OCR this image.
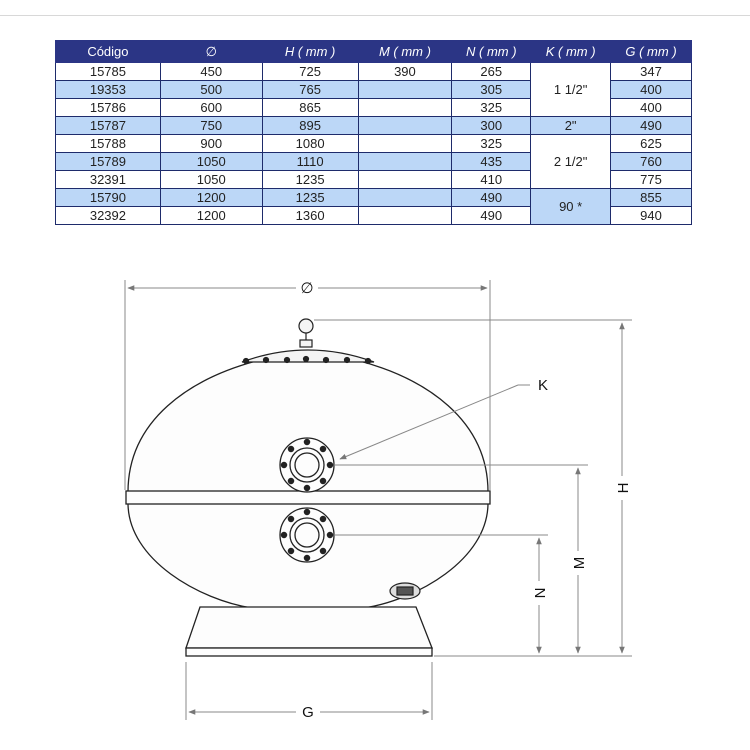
Código	∅	H ( mm )	M ( mm )	N ( mm )	K ( mm )	G ( mm )
15785	450	725	390	265	1 1/2"	347
19353	500	765		305		400
15786	600	865		325		400
15787	750	895		300	2"	490
15788	900	1080		325	2 1/2"	625
15789	1050	1110		435		760
32391	1050	1235		410		775
15790	1200	1235		490	90 *	855
32392	1200	1360		490		940
∅
K
H
M
N
G
